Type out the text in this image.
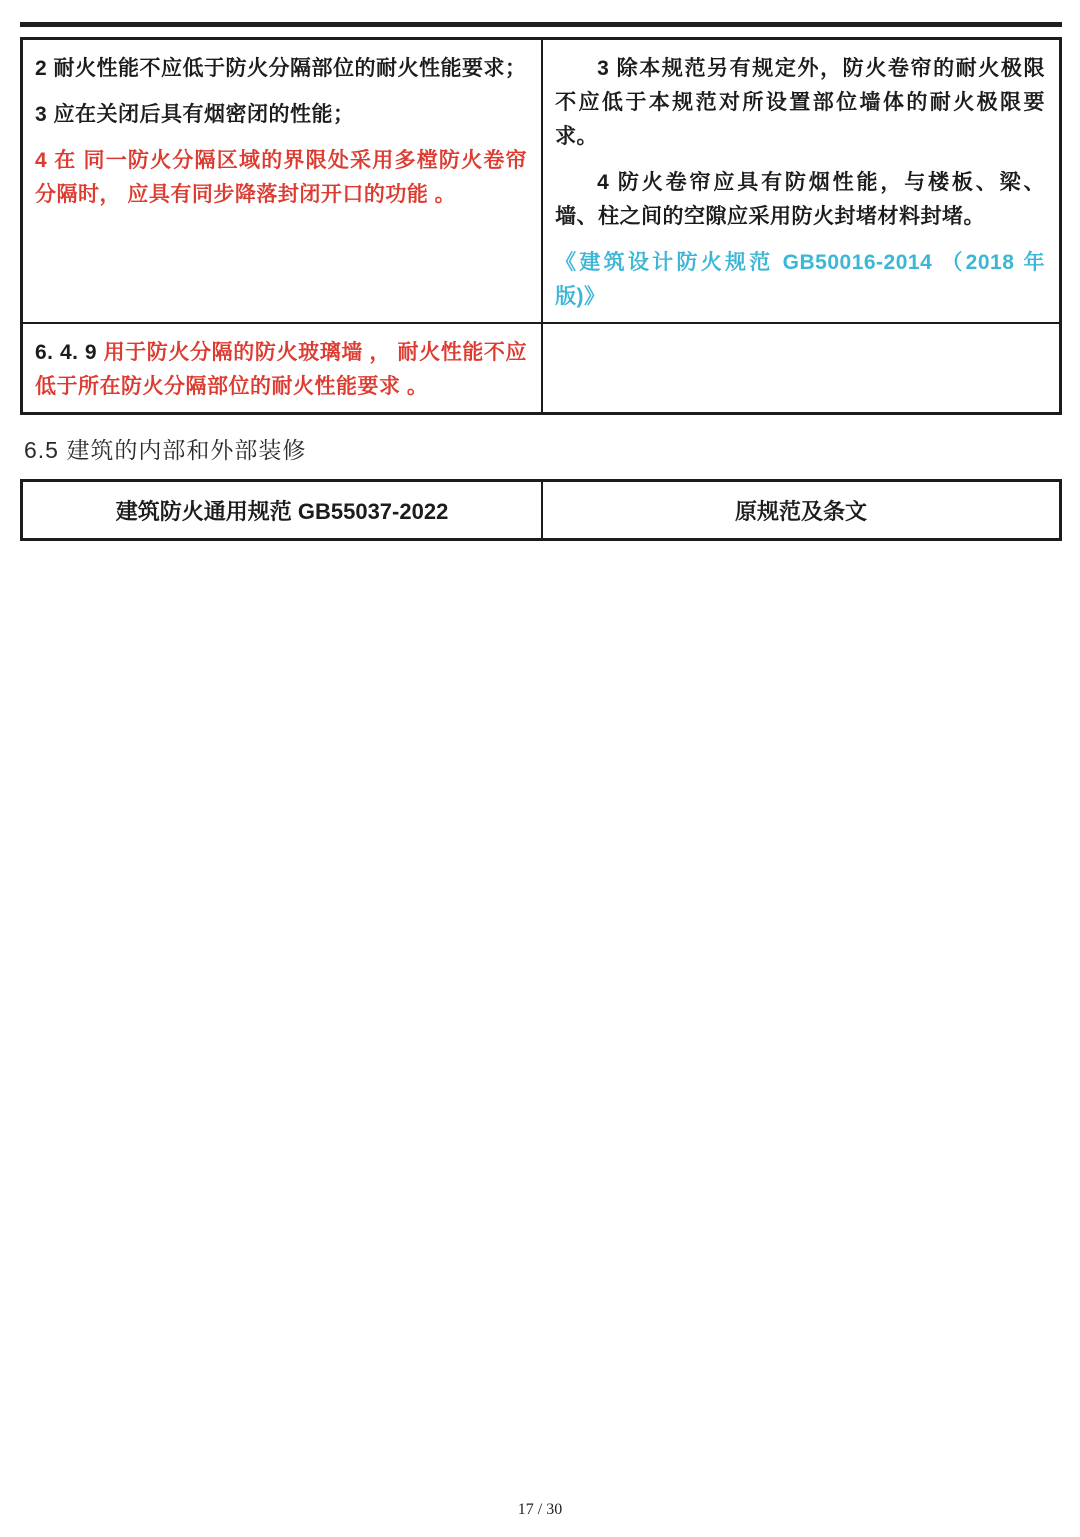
2 耐火性能不应低于防火分隔部位的耐火性能要求；

3 应在关闭后具有烟密闭的性能；

4 在 同一防火分隔区域的界限处采用多樘防火卷帘分隔时， 应具有同步降落封闭开口的功能 。

3 除本规范另有规定外，防火卷帘的耐火极限不应低于本规范对所设置部位墙体的耐火极限要求。

4 防火卷帘应具有防烟性能，与楼板、梁、墙、柱之间的空隙应采用防火封堵材料封堵。

《建筑设计防火规范 GB50016-2014 （2018 年版)》

6. 4. 9 用于防火分隔的防火玻璃墙 ， 耐火性能不应低于所在防火分隔部位的耐火性能要求 。

6.5 建筑的内部和外部装修
建筑防火通用规范 GB55037-2022	原规范及条文
17 / 30
